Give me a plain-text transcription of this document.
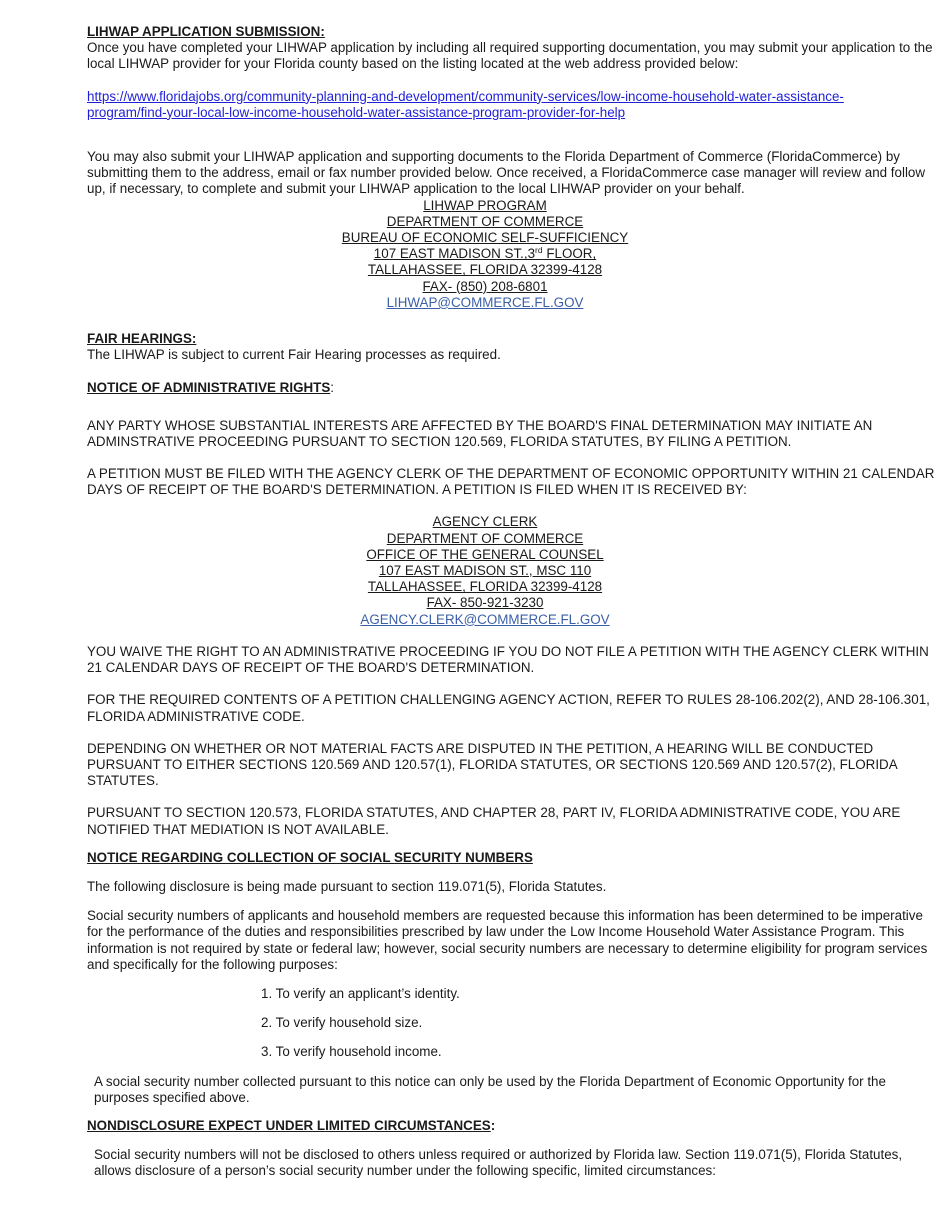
LIHWAP APPLICATION SUBMISSION:

Once you have completed your LIHWAP application by including all required supporting documentation, you may submit your application to the local LIHWAP provider for your Florida county based on the listing located at the web address provided below:

https://www.floridajobs.org/community-planning-and-development/community-services/low-income-household-water-assistance-
program/find-your-local-low-income-household-water-assistance-program-provider-for-help

You may also submit your LIHWAP application and supporting documents to the Florida Department of Commerce (FloridaCommerce) by submitting them to the address, email or fax number provided below. Once received, a FloridaCommerce case manager will review and follow up, if necessary, to complete and submit your LIHWAP application to the local LIHWAP provider on your behalf.

LIHWAP PROGRAM

DEPARTMENT OF COMMERCE

BUREAU OF ECONOMIC SELF-SUFFICIENCY

107 EAST MADISON ST.,3rd FLOOR,

TALLAHASSEE, FLORIDA 32399-4128

FAX- (850) 208-6801

LIHWAP@COMMERCE.FL.GOV

FAIR HEARINGS:

The LIHWAP is subject to current Fair Hearing processes as required.

NOTICE OF ADMINISTRATIVE RIGHTS:

ANY PARTY WHOSE SUBSTANTIAL INTERESTS ARE AFFECTED BY THE BOARD'S FINAL DETERMINATION MAY INITIATE AN ADMINSTRATIVE PROCEEDING PURSUANT TO SECTION 120.569, FLORIDA STATUTES, BY FILING A PETITION.

A PETITION MUST BE FILED WITH THE AGENCY CLERK OF THE DEPARTMENT OF ECONOMIC OPPORTUNITY WITHIN 21 CALENDAR DAYS OF RECEIPT OF THE BOARD'S DETERMINATION. A PETITION IS FILED WHEN IT IS RECEIVED BY:

AGENCY CLERK

DEPARTMENT OF COMMERCE

OFFICE OF THE GENERAL COUNSEL

107 EAST MADISON ST., MSC 110

TALLAHASSEE, FLORIDA 32399-4128

FAX- 850-921-3230

AGENCY.CLERK@COMMERCE.FL.GOV

YOU WAIVE THE RIGHT TO AN ADMINISTRATIVE PROCEEDING IF YOU DO NOT FILE A PETITION WITH THE AGENCY CLERK WITHIN 21 CALENDAR DAYS OF RECEIPT OF THE BOARD'S DETERMINATION.

FOR THE REQUIRED CONTENTS OF A PETITION CHALLENGING AGENCY ACTION, REFER TO RULES 28-106.202(2), AND 28-106.301, FLORIDA ADMINISTRATIVE CODE.

DEPENDING ON WHETHER OR NOT MATERIAL FACTS ARE DISPUTED IN THE PETITION, A HEARING WILL BE CONDUCTED PURSUANT TO EITHER SECTIONS 120.569 AND 120.57(1), FLORIDA STATUTES, OR SECTIONS 120.569 AND 120.57(2), FLORIDA STATUTES.

PURSUANT TO SECTION 120.573, FLORIDA STATUTES, AND CHAPTER 28, PART IV, FLORIDA ADMINISTRATIVE CODE, YOU ARE NOTIFIED THAT MEDIATION IS NOT AVAILABLE.

NOTICE REGARDING COLLECTION OF SOCIAL SECURITY NUMBERS

The following disclosure is being made pursuant to section 119.071(5), Florida Statutes.

Social security numbers of applicants and household members are requested because this information has been determined to be imperative for the performance of the duties and responsibilities prescribed by law under the Low Income Household Water Assistance Program. This information is not required by state or federal law; however, social security numbers are necessary to determine eligibility for program services and specifically for the following purposes:

1. To verify an applicant’s identity.

2. To verify household size.

3. To verify household income.

A social security number collected pursuant to this notice can only be used by the Florida Department of Economic Opportunity for the purposes specified above.

NONDISCLOSURE EXPECT UNDER LIMITED CIRCUMSTANCES:

Social security numbers will not be disclosed to others unless required or authorized by Florida law. Section 119.071(5), Florida Statutes, allows disclosure of a person’s social security number under the following specific, limited circumstances:
